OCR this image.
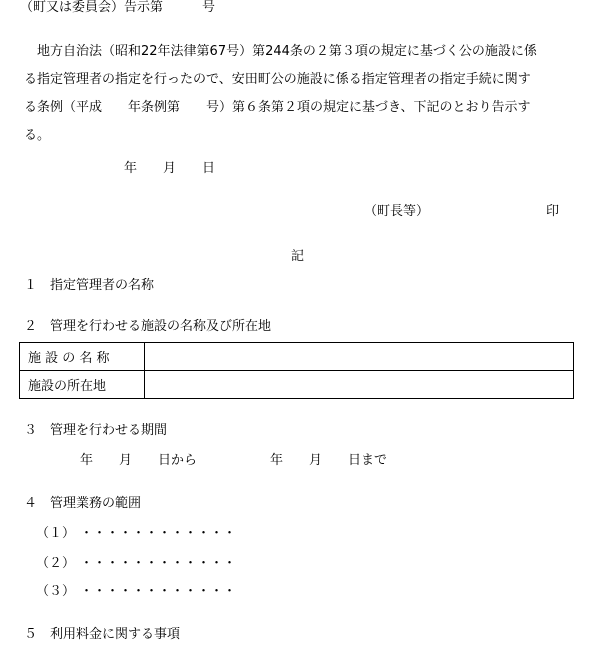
（町又は委員会）告示第　　　号
　地方自治法（昭和22年法律第67号）第244条の２第３項の規定に基づく公の施設に係
る指定管理者の指定を行ったので、安田町公の施設に係る指定管理者の指定手続に関す
る条例（平成　　年条例第　　号）第６条第２項の規定に基づき、下記のとおり告示す
る。
年　　月　　日
（町長等）	印
記
１　指定管理者の名称
２　管理を行わせる施設の名称及び所在地
施 設 の 名 称	
施設の所在地	
３　管理を行わせる期間
年　　月　　日から	年　　月　　日まで
４　管理業務の範囲
（１） ・・・・・・・・・・・・
（２） ・・・・・・・・・・・・
（３） ・・・・・・・・・・・・
５　利用料金に関する事項
